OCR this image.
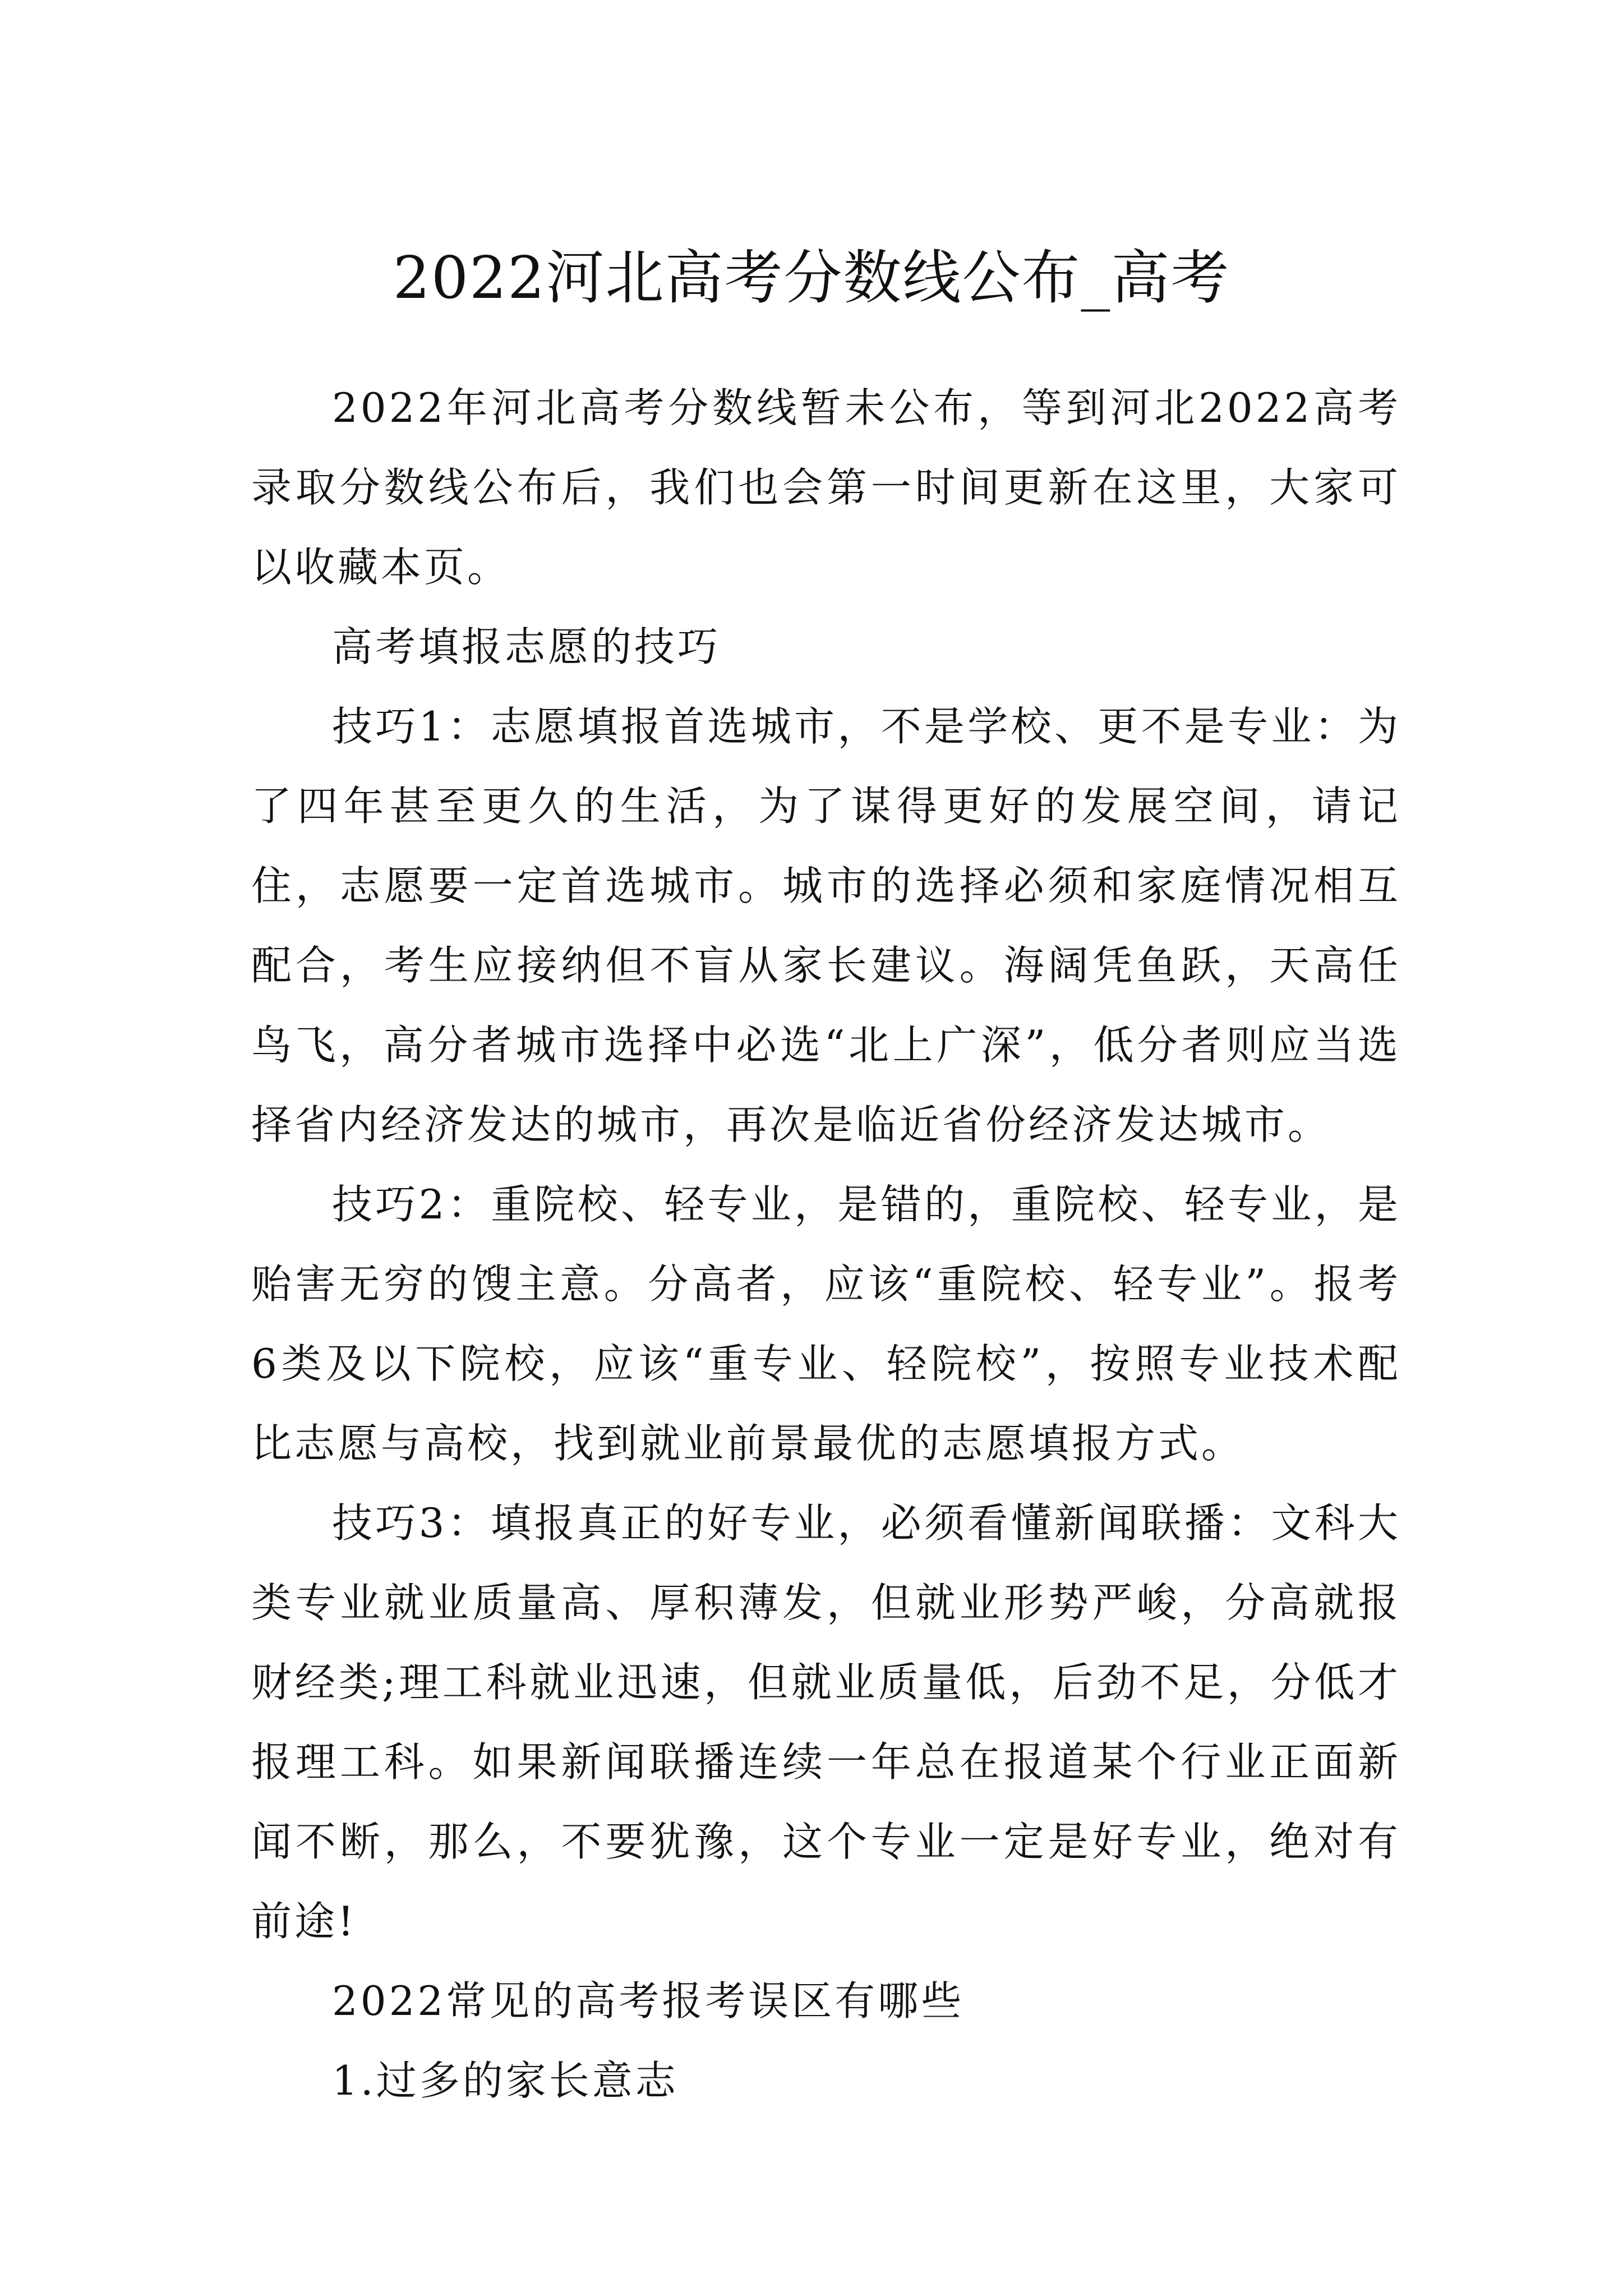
2022河北高考分数线公布_高考

2022年河北高考分数线暂未公布，等到河北2022高考录取分数线公布后，我们也会第一时间更新在这里，大家可以收藏本页。

高考填报志愿的技巧

技巧1：志愿填报首选城市，不是学校、更不是专业：为了四年甚至更久的生活，为了谋得更好的发展空间，请记住，志愿要一定首选城市。城市的选择必须和家庭情况相互配合，考生应接纳但不盲从家长建议。海阔凭鱼跃，天高任鸟飞，高分者城市选择中必选“北上广深”，低分者则应当选择省内经济发达的城市，再次是临近省份经济发达城市。

技巧2：重院校、轻专业，是错的，重院校、轻专业，是贻害无穷的馊主意。分高者，应该“重院校、轻专业”。报考6类及以下院校，应该“重专业、轻院校”，按照专业技术配比志愿与高校，找到就业前景最优的志愿填报方式。

技巧3：填报真正的好专业，必须看懂新闻联播：文科大类专业就业质量高、厚积薄发，但就业形势严峻，分高就报财经类;理工科就业迅速，但就业质量低，后劲不足，分低才报理工科。如果新闻联播连续一年总在报道某个行业正面新闻不断，那么，不要犹豫，这个专业一定是好专业，绝对有前途!

2022常见的高考报考误区有哪些

1.过多的家长意志
